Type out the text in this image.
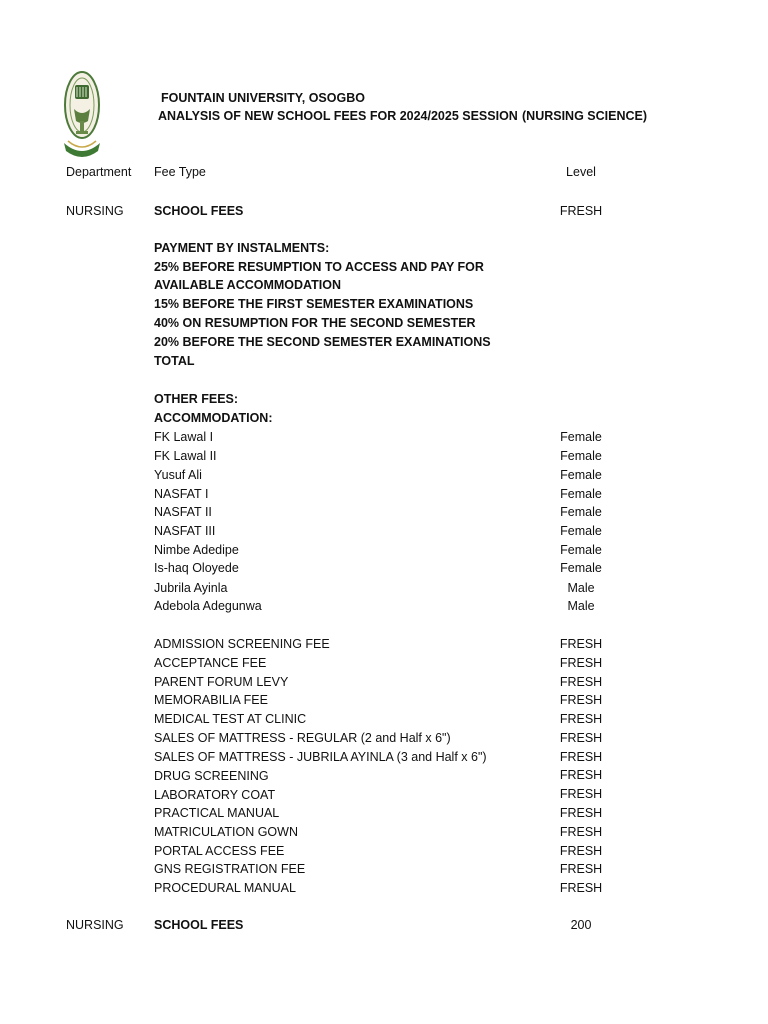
FOUNTAIN UNIVERSITY, OSOGBO
ANALYSIS OF NEW SCHOOL FEES FOR 2024/2025 SESSION (NURSING SCIENCE)
Department Fee Type	Level
NURSING SCHOOL FEES	FRESH
PAYMENT BY INSTALMENTS:
25% BEFORE RESUMPTION TO ACCESS AND PAY FOR
AVAILABLE ACCOMMODATION
15% BEFORE THE FIRST SEMESTER EXAMINATIONS
40% ON RESUMPTION FOR THE SECOND SEMESTER
20% BEFORE THE SECOND SEMESTER EXAMINATIONS
TOTAL
OTHER FEES:
ACCOMMODATION:
FK Lawal I	Female
FK Lawal II	Female
Yusuf Ali	Female
NASFAT I	Female
NASFAT II	Female
NASFAT III	Female
Nimbe Adedipe	Female
Is-haq Oloyede	Female
Jubrila Ayinla	Male
Adebola Adegunwa	Male
ADMISSION SCREENING FEE	FRESH
ACCEPTANCE FEE	FRESH
PARENT FORUM LEVY	FRESH
MEMORABILIA FEE	FRESH
MEDICAL TEST AT CLINIC	FRESH
SALES OF MATTRESS - REGULAR (2 and Half x 6")	FRESH
SALES OF MATTRESS - JUBRILA AYINLA (3 and Half x 6")	FRESH
DRUG SCREENING	FRESH
LABORATORY COAT	FRESH
PRACTICAL MANUAL	FRESH
MATRICULATION GOWN	FRESH
PORTAL ACCESS FEE	FRESH
GNS REGISTRATION FEE	FRESH
PROCEDURAL MANUAL	FRESH
NURSING SCHOOL FEES	200
